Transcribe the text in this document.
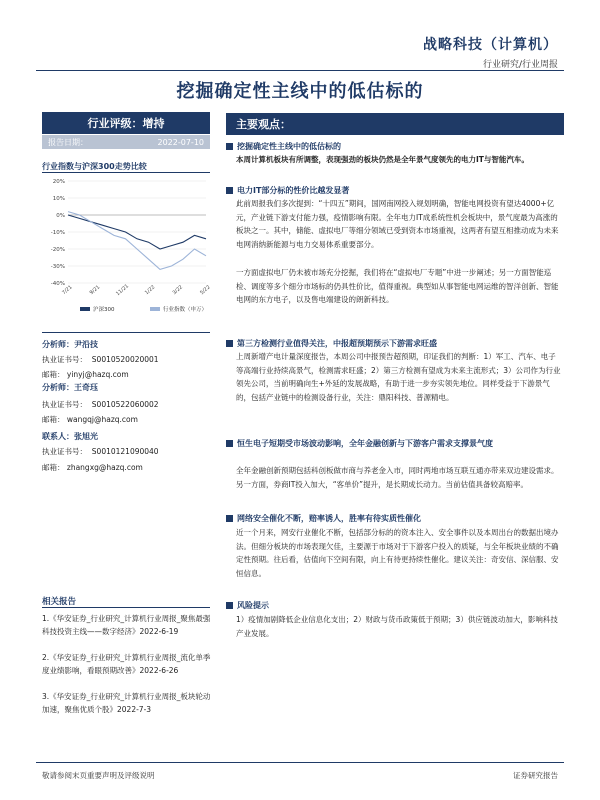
战略科技（计算机）
行业研究/行业周报
挖掘确定性主线中的低估标的
行业评级： 增持
报告日期：	2022-07-10
行业指数与沪深300走势比较
20%
10%
0%
-10%
-20%
-30%
-40%
7/21	9/21	11/21	1/22	3/22	5/22
沪深300	行业指数（申万）
分析师：尹沿技
执业证书号： S0010520020001
邮箱： yinyj@hazq.com
分析师：王奇珏
执业证书号： S0010522060002
邮箱： wangqj@hazq.com
联系人：张旭光
执业证书号： S0010121090040
邮箱： zhangxg@hazq.com
相关报告
1.《华安证券_行业研究_计算机行业周报_聚焦最强科技投资主线——数字经济》2022-6-19
2.《华安证券_行业研究_计算机行业周报_流化单季度业绩影响，看眼预期改善》2022-6-26
3.《华安证券_行业研究_计算机行业周报_板块轮动加速，聚焦优质个股》2022-7-3
主要观点：
挖掘确定性主线中的低估标的
本周计算机板块有所调整，表现强劲的板块仍然是全年景气度领先的电力IT与智能汽车。
电力IT部分标的性价比越发显著
此前周报我们多次提到：“十四五”期间，国网南网投入规划明确，智能电网投资有望达4000+亿元，产业链下游支付能力强，疫情影响有限。全年电力IT成系统性机会板块中，景气度最为高涨的板块之一。其中，储能、虚拟电厂等细分领域已受到资本市场重视，这两者有望互相推动成为未来电网消纳新能源与电力交易体系重要部分。
一方面虚拟电厂仍未被市场充分挖掘，我们将在“虚拟电厂专题”中进一步阐述；另一方面智能巡检、调度等多个细分市场标的仍具性价比，值得重视。典型如从事智能电网运维的智洋创新、智能电网的东方电子，以及售电端建设的朗新科技。
第三方检测行业值得关注，中报超预期预示下游需求旺盛
上周新增产电计量深度报告，本周公司中报预告超预期，印证我们的判断：1）军工、汽车、电子等高端行业持续高景气，检测需求旺盛；2）第三方检测有望成为未来主流形式；3）公司作为行业领先公司，当前明确向生+外延的发展战略，有助于进一步夯实领先地位。同样受益于下游景气的，包括产业链中的检测设备行业，关注：鼎阳科技、普源精电。
恒生电子短期受市场波动影响，全年金融创新与下游客户需求支撑景气度
全年金融创新预期包括科创板做市商与养老金入市，同时两地市场互联互通亦带来双边建设需求。另一方面，券商IT投入加大，“客单价”提升，是长期成长动力。当前估值具备较高赔率。
网络安全催化不断，赔率诱人，胜率有待实质性催化
近一个月来，网安行业催化不断，包括部分标的的资本注入、安全事件以及本周出台的数据出境办法。但细分板块的市场表现欠佳，主要源于市场对于下游客户投入的质疑，与全年板块业绩的不确定性预期。往后看，估值向下空间有限，向上有待更持续性催化。建议关注：奇安信、深信服、安恒信息。
风险提示
1）疫情加剧降低企业信息化支出；2）财政与货币政策低于预期；3）供应链波动加大，影响科技产业发展。
敬请参阅末页重要声明及评级说明	证券研究报告
